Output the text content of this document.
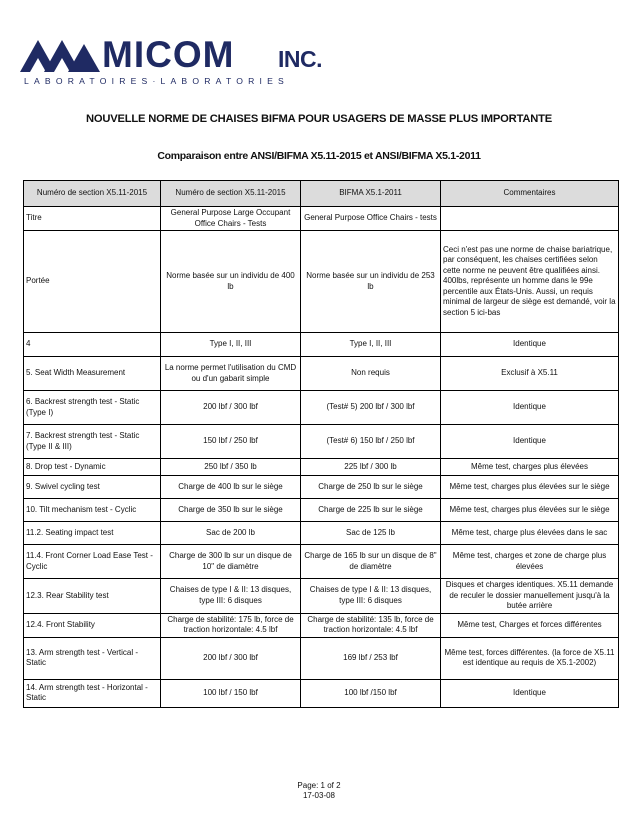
MICOM INC.
LABORATOIRES·LABORATORIES
NOUVELLE NORME DE CHAISES BIFMA POUR USAGERS DE MASSE PLUS IMPORTANTE
Comparaison entre ANSI/BIFMA X5.11-2015 et ANSI/BIFMA X5.1-2011
Numéro de section X5.11-2015	Numéro de section X5.11-2015	BIFMA X5.1-2011	Commentaires
Titre	General Purpose Large Occupant Office Chairs - Tests	General Purpose Office Chairs - tests	
Portée	Norme basée sur un individu de 400 lb	Norme basée sur un individu de 253 lb	Ceci n'est pas une norme de chaise bariatrique, par conséquent, les chaises certifiées selon cette norme ne peuvent être qualifiées ainsi. 400lbs, représente un homme dans le 99e percentile aux États-Unis. Aussi, un requis minimal de largeur de siège est demandé, voir la section 5 ici-bas
4	Type I, II, III	Type I, II, III	Identique
5. Seat Width Measurement	La norme permet l'utilisation du CMD ou d'un gabarit simple	Non requis	Exclusif à X5.11
6. Backrest strength test - Static (Type I)	200 lbf / 300 lbf	(Test# 5) 200 lbf / 300 lbf	Identique
7. Backrest strength test - Static (Type II & III)	150 lbf / 250 lbf	(Test# 6) 150 lbf / 250 lbf	Identique
8. Drop test - Dynamic	250 lbf / 350 lb	225 lbf / 300 lb	Même test, charges plus élevées
9. Swivel cycling test	Charge de 400 lb sur le siège	Charge de 250 lb sur le siège	Même test, charges plus élevées sur le siège
10. Tilt mechanism test - Cyclic	Charge de 350 lb sur le siège	Charge de 225 lb sur le siège	Même test, charges plus élevées sur le siège
11.2. Seating impact test	Sac de 200 lb	Sac de 125 lb	Même test, charge plus élevées dans le sac
11.4. Front Corner Load Ease Test - Cyclic	Charge de 300 lb sur un disque de 10" de diamètre	Charge de 165 lb sur un disque de 8" de diamètre	Même test, charges et zone de charge plus élevées
12.3. Rear Stability test	Chaises de type I & II: 13 disques, type III: 6 disques	Chaises de type I & II: 13 disques, type III: 6 disques	Disques et charges identiques. X5.11 demande de reculer le dossier manuellement jusqu'à la butée arrière
12.4. Front Stability	Charge de stabilité: 175 lb, force de traction horizontale: 4.5 lbf	Charge de stabilité: 135 lb, force de traction horizontale: 4.5 lbf	Même test, Charges et forces différentes
13. Arm strength test - Vertical - Static	200 lbf / 300 lbf	169 lbf / 253 lbf	Même test, forces différentes. (la force de X5.11 est identique au requis de X5.1-2002)
14. Arm strength test - Horizontal - Static	100 lbf / 150 lbf	100 lbf /150 lbf	Identique
Page: 1 of 2
17-03-08
